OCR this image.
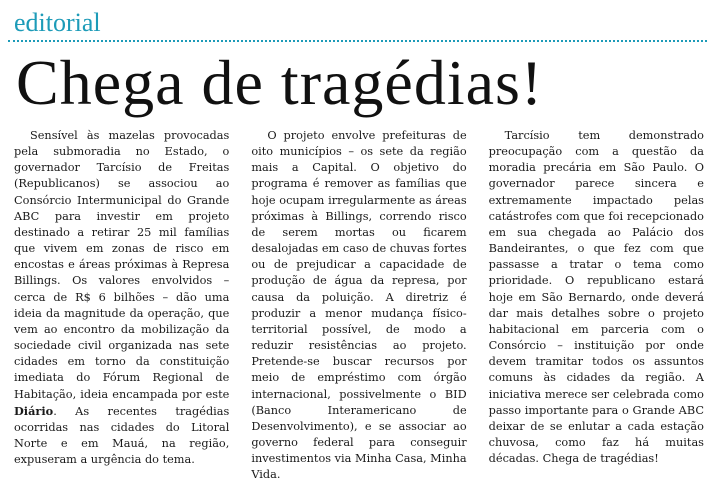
editorial
Chega de tragédias!

Sensível às mazelas provocadas pela submoradia no Estado, o governador Tarcísio de Freitas (Republicanos) se associou ao Consórcio Intermunicipal do Grande ABC para investir em projeto destinado a retirar 25 mil famílias que vivem em zonas de risco em encostas e áreas próximas à Represa Billings. Os valores envolvidos – cerca de R$ 6 bilhões – dão uma ideia da magnitude da operação, que vem ao encontro da mobilização da sociedade civil organizada nas sete cidades em torno da constituição imediata do Fórum Regional de Habitação, ideia encampada por este Diário. As recentes tragédias ocorridas nas cidades do Litoral Norte e em Mauá, na região, expuseram a urgência do tema.

O projeto envolve prefeituras de oito municípios – os sete da região mais a Capital. O objetivo do programa é remover as famílias que hoje ocupam irregularmente as áreas próximas à Billings, correndo risco de serem mortas ou ficarem desalojadas em caso de chuvas fortes ou de prejudicar a capacidade de produção de água da represa, por causa da poluição. A diretriz é produzir a menor mudança físico-territorial possível, de modo a reduzir resistências ao projeto. Pretende-se buscar recursos por meio de empréstimo com órgão internacional, possivelmente o BID (Banco Interamericano de Desenvolvimento), e se associar ao governo federal para conseguir investimentos via Minha Casa, Minha Vida.

Tarcísio tem demonstrado preocupação com a questão da moradia precária em São Paulo. O governador parece sincera e extremamente impactado pelas catástrofes com que foi recepcionado em sua chegada ao Palácio dos Bandeirantes, o que fez com que passasse a tratar o tema como prioridade. O republicano estará hoje em São Bernardo, onde deverá dar mais detalhes sobre o projeto habitacional em parceria com o Consórcio – instituição por onde devem tramitar todos os assuntos comuns às cidades da região. A iniciativa merece ser celebrada como passo importante para o Grande ABC deixar de se enlutar a cada estação chuvosa, como faz há muitas décadas. Chega de tragédias!
